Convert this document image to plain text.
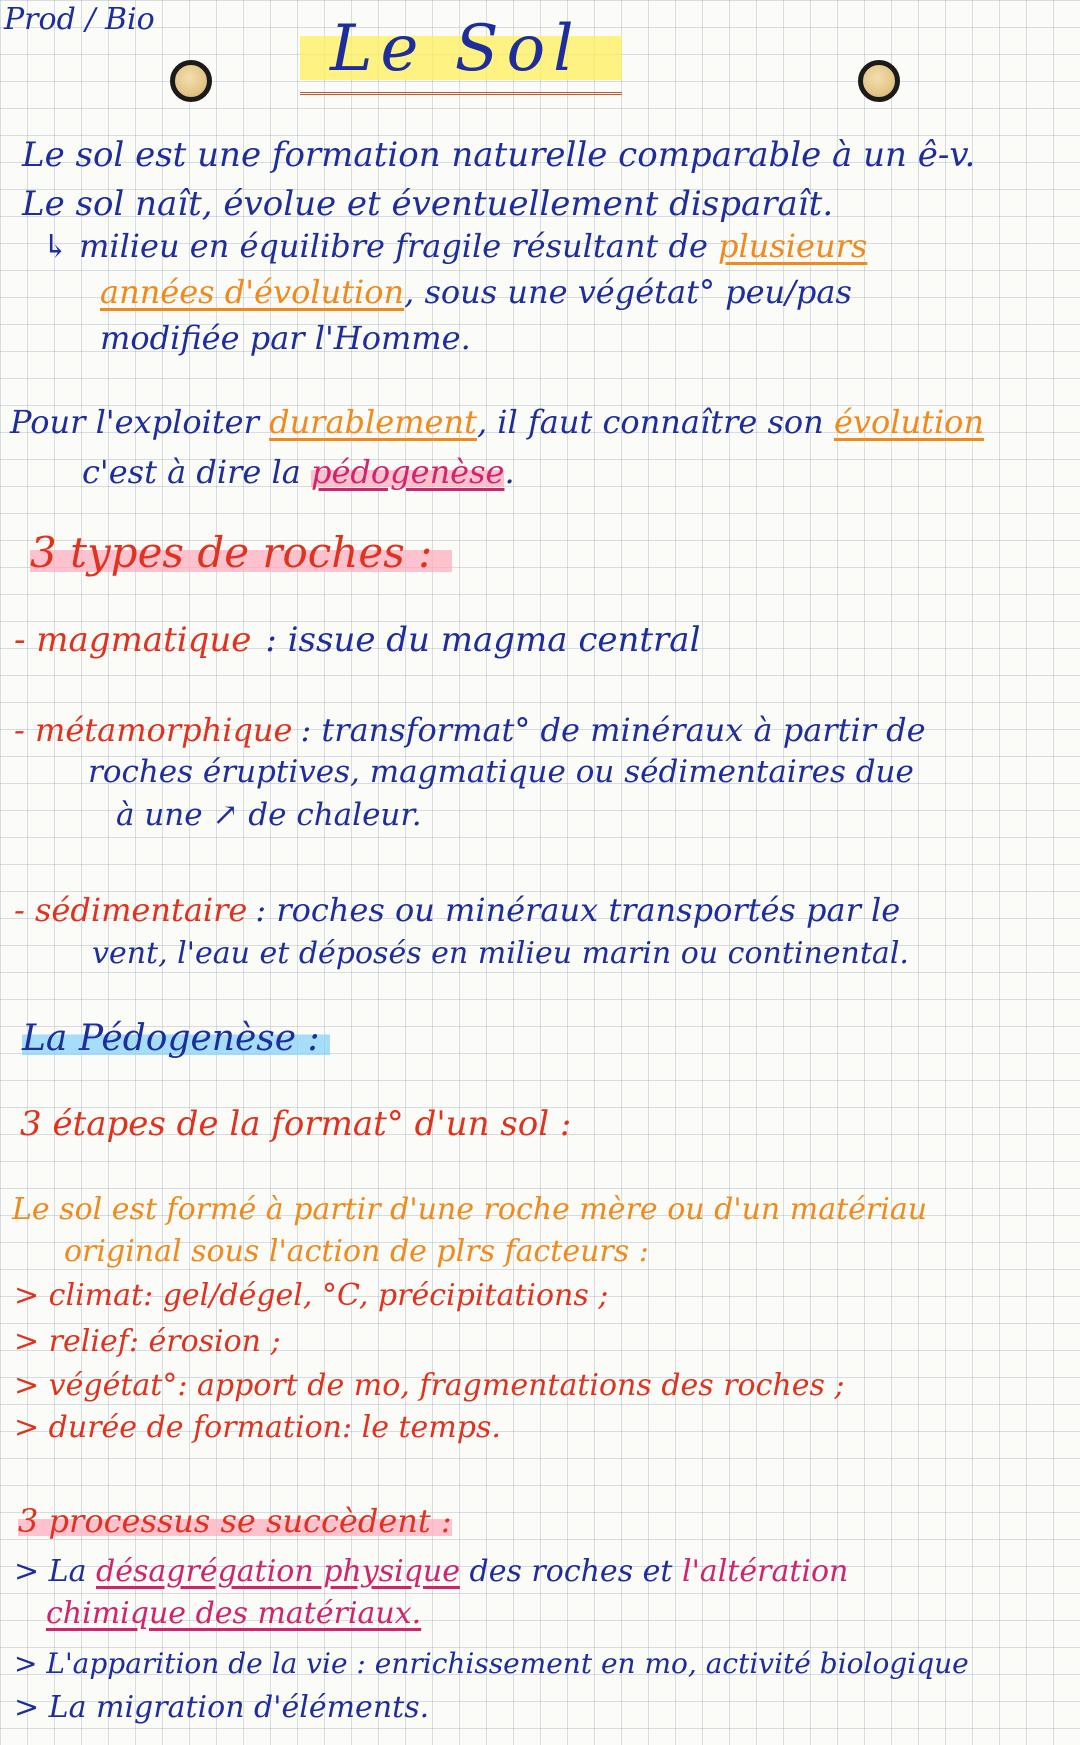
Prod / Bio	Le Sol
Le sol est une formation naturelle comparable à un ê-v.
Le sol naît, évolue et éventuellement disparaît.
↳ milieu en équilibre fragile résultant de plusieurs
années d'évolution, sous une végétat° peu/pas
modifiée par l'Homme.
Pour l'exploiter durablement, il faut connaître son évolution
c'est à dire la pédogenèse.
3 types de roches :
- magmatique : issue du magma central
- métamorphique : transformat° de minéraux à partir de
roches éruptives, magmatique ou sédimentaires due
à une ↗ de chaleur.
- sédimentaire : roches ou minéraux transportés par le
vent, l'eau et déposés en milieu marin ou continental.
La Pédogenèse :
3 étapes de la format° d'un sol :
Le sol est formé à partir d'une roche mère ou d'un matériau
original sous l'action de plrs facteurs :
> climat: gel/dégel, °C, précipitations ;
> relief: érosion ;
> végétat°: apport de mo, fragmentations des roches ;
> durée de formation: le temps.
3 processus se succèdent :
> La désagrégation physique des roches et l'altération
chimique des matériaux.
> L'apparition de la vie : enrichissement en mo, activité biologique
> La migration d'éléments.
